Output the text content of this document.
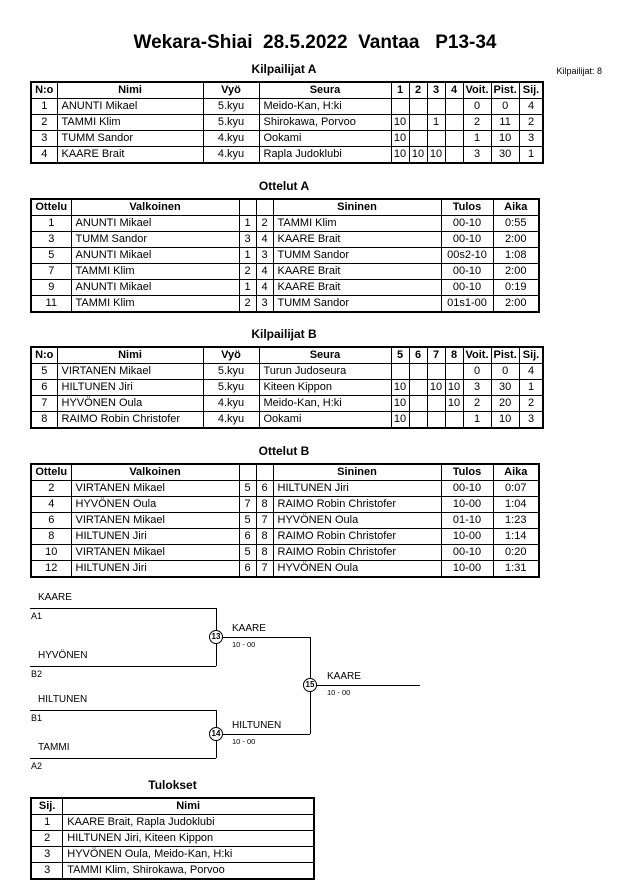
Wekara-Shiai  28.5.2022  Vantaa   P13-34
Kilpailijat A	Kilpailijat: 8
N:o	Nimi	Vyö	Seura	1	2	3	4	Voit.	Pist.	Sij.
1	ANUNTI Mikael	5.kyu	Meido-Kan, H:ki					0	0	4
2	TAMMI Klim	5.kyu	Shirokawa, Porvoo	10		1		2	11	2
3	TUMM Sandor	4.kyu	Ookami	10				1	10	3
4	KAARE Brait	4.kyu	Rapla Judoklubi	10	10	10		3	30	1
Ottelut A
Ottelu	Valkoinen			Sininen	Tulos	Aika
1	ANUNTI Mikael	1	2	TAMMI Klim	00-10	0:55
3	TUMM Sandor	3	4	KAARE Brait	00-10	2:00
5	ANUNTI Mikael	1	3	TUMM Sandor	00s2-10	1:08
7	TAMMI Klim	2	4	KAARE Brait	00-10	2:00
9	ANUNTI Mikael	1	4	KAARE Brait	00-10	0:19
11	TAMMI Klim	2	3	TUMM Sandor	01s1-00	2:00
Kilpailijat B
N:o	Nimi	Vyö	Seura	5	6	7	8	Voit.	Pist.	Sij.
5	VIRTANEN Mikael	5.kyu	Turun Judoseura					0	0	4
6	HILTUNEN Jiri	5.kyu	Kiteen Kippon	10		10	10	3	30	1
7	HYVÖNEN Oula	4.kyu	Meido-Kan, H:ki	10			10	2	20	2
8	RAIMO Robin Christofer	4.kyu	Ookami	10				1	10	3
Ottelut B
Ottelu	Valkoinen			Sininen	Tulos	Aika
2	VIRTANEN Mikael	5	6	HILTUNEN Jiri	00-10	0:07
4	HYVÖNEN Oula	7	8	RAIMO Robin Christofer	10-00	1:04
6	VIRTANEN Mikael	5	7	HYVÖNEN Oula	01-10	1:23
8	HILTUNEN Jiri	6	8	RAIMO Robin Christofer	10-00	1:14
10	VIRTANEN Mikael	5	8	RAIMO Robin Christofer	00-10	0:20
12	HILTUNEN Jiri	6	7	HYVÖNEN Oula	10-00	1:31
KAARE
A1
HYVÖNEN
B2
13
KAARE
10 - 00
HILTUNEN
B1
TAMMI
A2
14
HILTUNEN
10 - 00
15
KAARE
10 - 00
Tulokset
Sij.	Nimi
1	KAARE Brait, Rapla Judoklubi
2	HILTUNEN Jiri, Kiteen Kippon
3	HYVÖNEN Oula, Meido-Kan, H:ki
3	TAMMI Klim, Shirokawa, Porvoo
